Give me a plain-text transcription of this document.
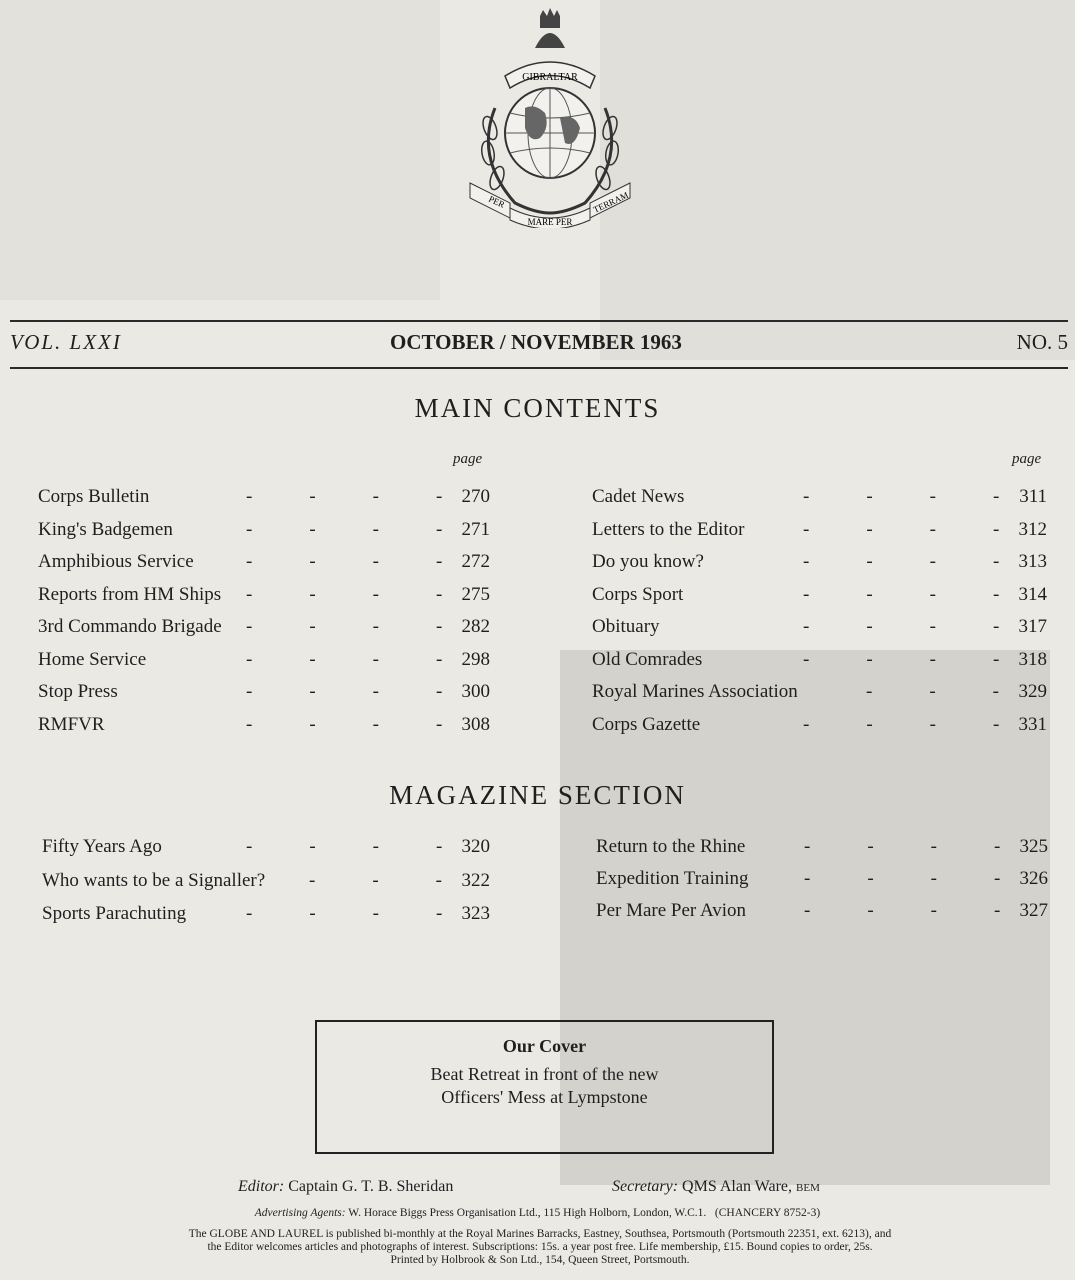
GIBRALTAR
PER	TERRAM
MARE PER
VOL. LXXI	OCTOBER / NOVEMBER 1963	NO. 5
MAIN CONTENTS
page	page
Corps Bulletin	-   -   -   - 270
King's Badgemen	-   -   -   - 271
Amphibious Service	-   -   -   - 272
Reports from HM Ships -   -   -   - 275
3rd Commando Brigade -   -   -   - 282
Home Service	-   -   -   - 298
Stop Press	-   -   -   - 300
RMFVR	-   -   -   - 308
Cadet News	-   -   -   - 311
Letters to the Editor	-   -   -   - 312
Do you know?	-   -   -   - 313
Corps Sport	-   -   -   - 314
Obituary	-   -   -   - 317
Old Comrades	-   -   -   - 318
Royal Marines Association	-   -   - 329
Corps Gazette	-   -   -   - 331
MAGAZINE SECTION
Fifty Years Ago	-   -   -   - 320
Who wants to be a Signaller? -   -   - 322
Sports Parachuting	-   -   -   - 323
Return to the Rhine	-   -   -   - 325
Expedition Training	-   -   -   - 326
Per Mare Per Avion	-   -   -   - 327
Our Cover
Beat Retreat in front of the new
Officers' Mess at Lympstone
Editor: Captain G. T. B. Sheridan	Secretary: QMS Alan Ware, BEM
Advertising Agents: W. Horace Biggs Press Organisation Ltd., 115 High Holborn, London, W.C.1. (CHANCERY 8752-3)
The GLOBE AND LAUREL is published bi-monthly at the Royal Marines Barracks, Eastney, Southsea, Portsmouth (Portsmouth 22351, ext. 6213), and
the Editor welcomes articles and photographs of interest. Subscriptions: 15s. a year post free. Life membership, £15. Bound copies to order, 25s.
Printed by Holbrook & Son Ltd., 154, Queen Street, Portsmouth.
